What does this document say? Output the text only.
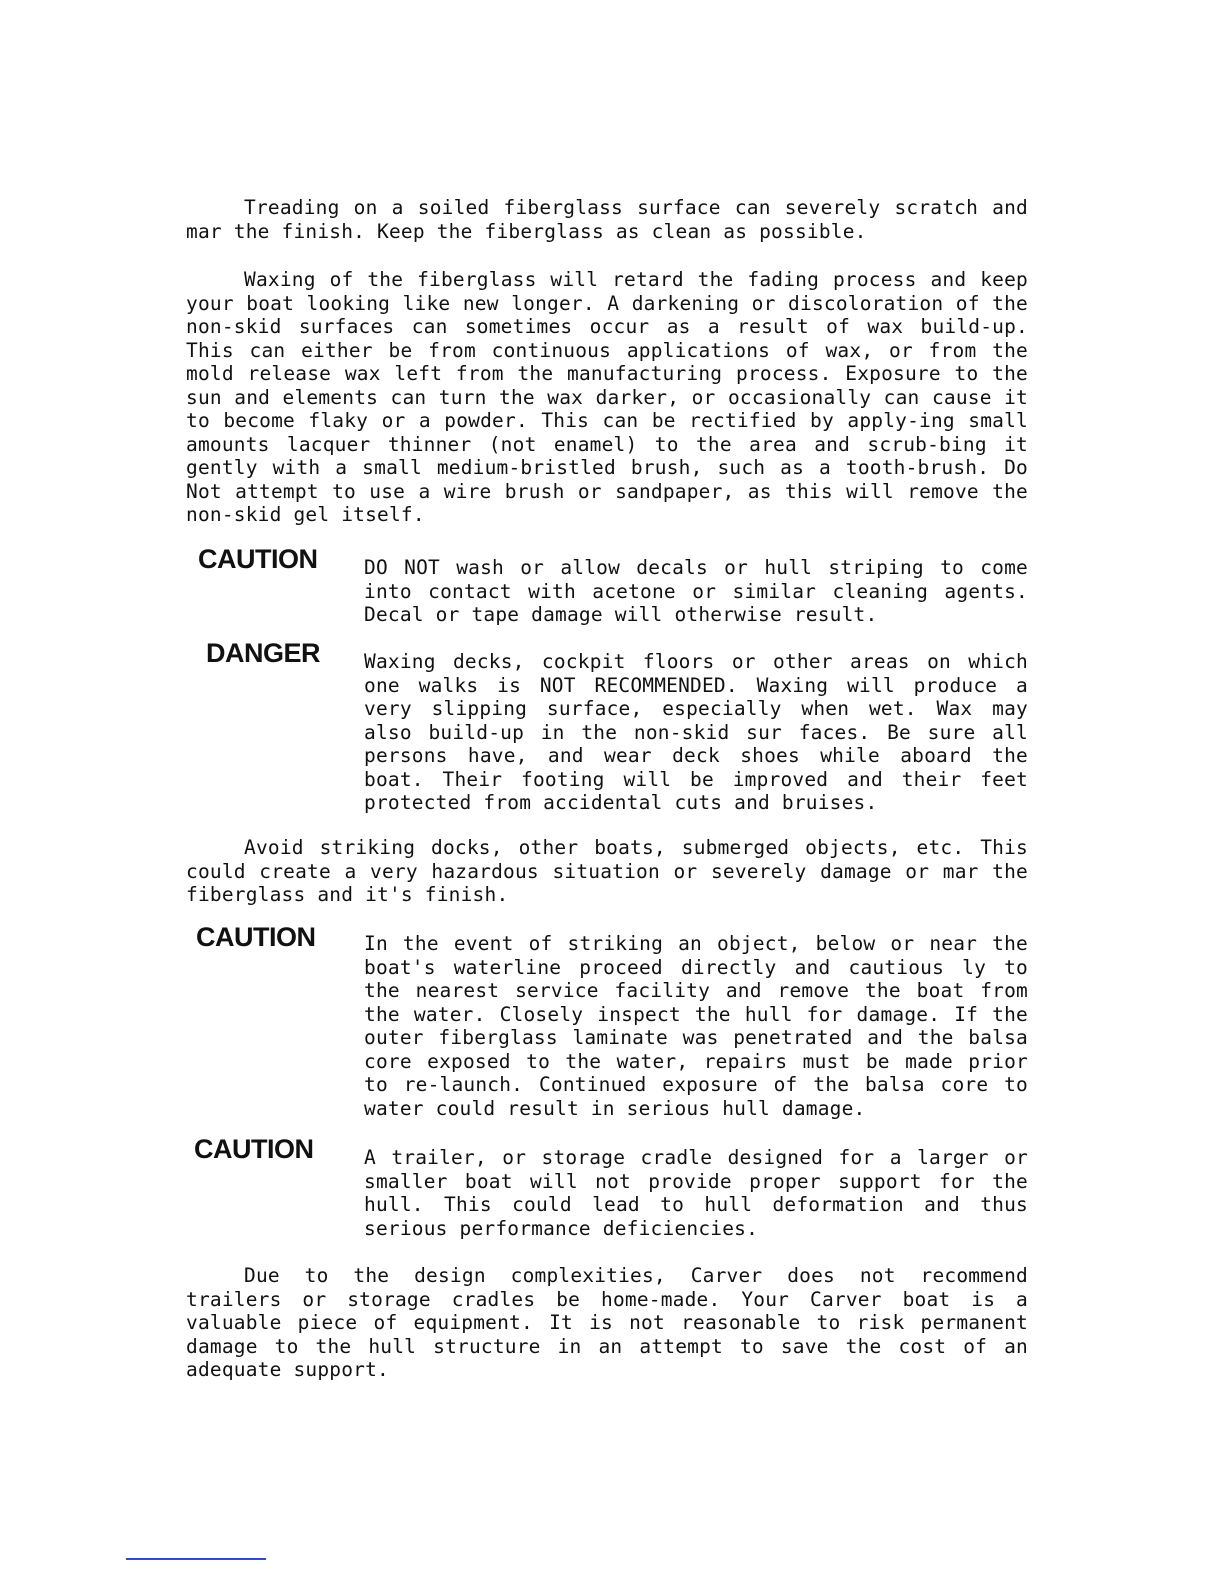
Treading on a soiled fiberglass surface can severely scratch and mar the finish. Keep the fiberglass as clean as possible.

Waxing of the fiberglass will retard the fading process and keep your boat looking like new longer. A darkening or discoloration of the non-skid surfaces can sometimes occur as a result of wax build-up. This can either be from continuous applications of wax, or from the mold release wax left from the manufacturing process. Exposure to the sun and elements can turn the wax darker, or occasionally can cause it to become flaky or a powder. This can be rectified by apply-ing small amounts lacquer thinner (not enamel) to the area and scrub-bing it gently with a small medium-bristled brush, such as a tooth-brush. Do Not attempt to use a wire brush or sandpaper, as this will remove the non-skid gel itself.

CAUTION DO NOT wash or allow decals or hull striping to come into contact with acetone or similar cleaning agents. Decal or tape damage will otherwise result.

DANGER Waxing decks, cockpit floors or other areas on which one walks is NOT RECOMMENDED. Waxing will produce a very slipping surface, especially when wet. Wax may also build-up in the non-skid sur faces. Be sure all persons have, and wear deck shoes while aboard the boat. Their footing will be improved and their feet protected from accidental cuts and bruises.

Avoid striking docks, other boats, submerged objects, etc. This could create a very hazardous situation or severely damage or mar the fiberglass and it's finish.

CAUTION In the event of striking an object, below or near the boat's waterline proceed directly and cautious ly to the nearest service facility and remove the boat from the water. Closely inspect the hull for damage. If the outer fiberglass laminate was penetrated and the balsa core exposed to the water, repairs must be made prior to re-launch. Continued exposure of the balsa core to water could result in serious hull damage.

CAUTION	A trailer, or storage cradle designed for a larger or smaller boat will not provide proper support for the hull. This could lead to hull deformation and thus serious performance deficiencies.

Due to the design complexities, Carver does not recommend trailers or storage cradles be home-made. Your Carver boat is a valuable piece of equipment. It is not reasonable to risk permanent damage to the hull structure in an attempt to save the cost of an adequate support.
